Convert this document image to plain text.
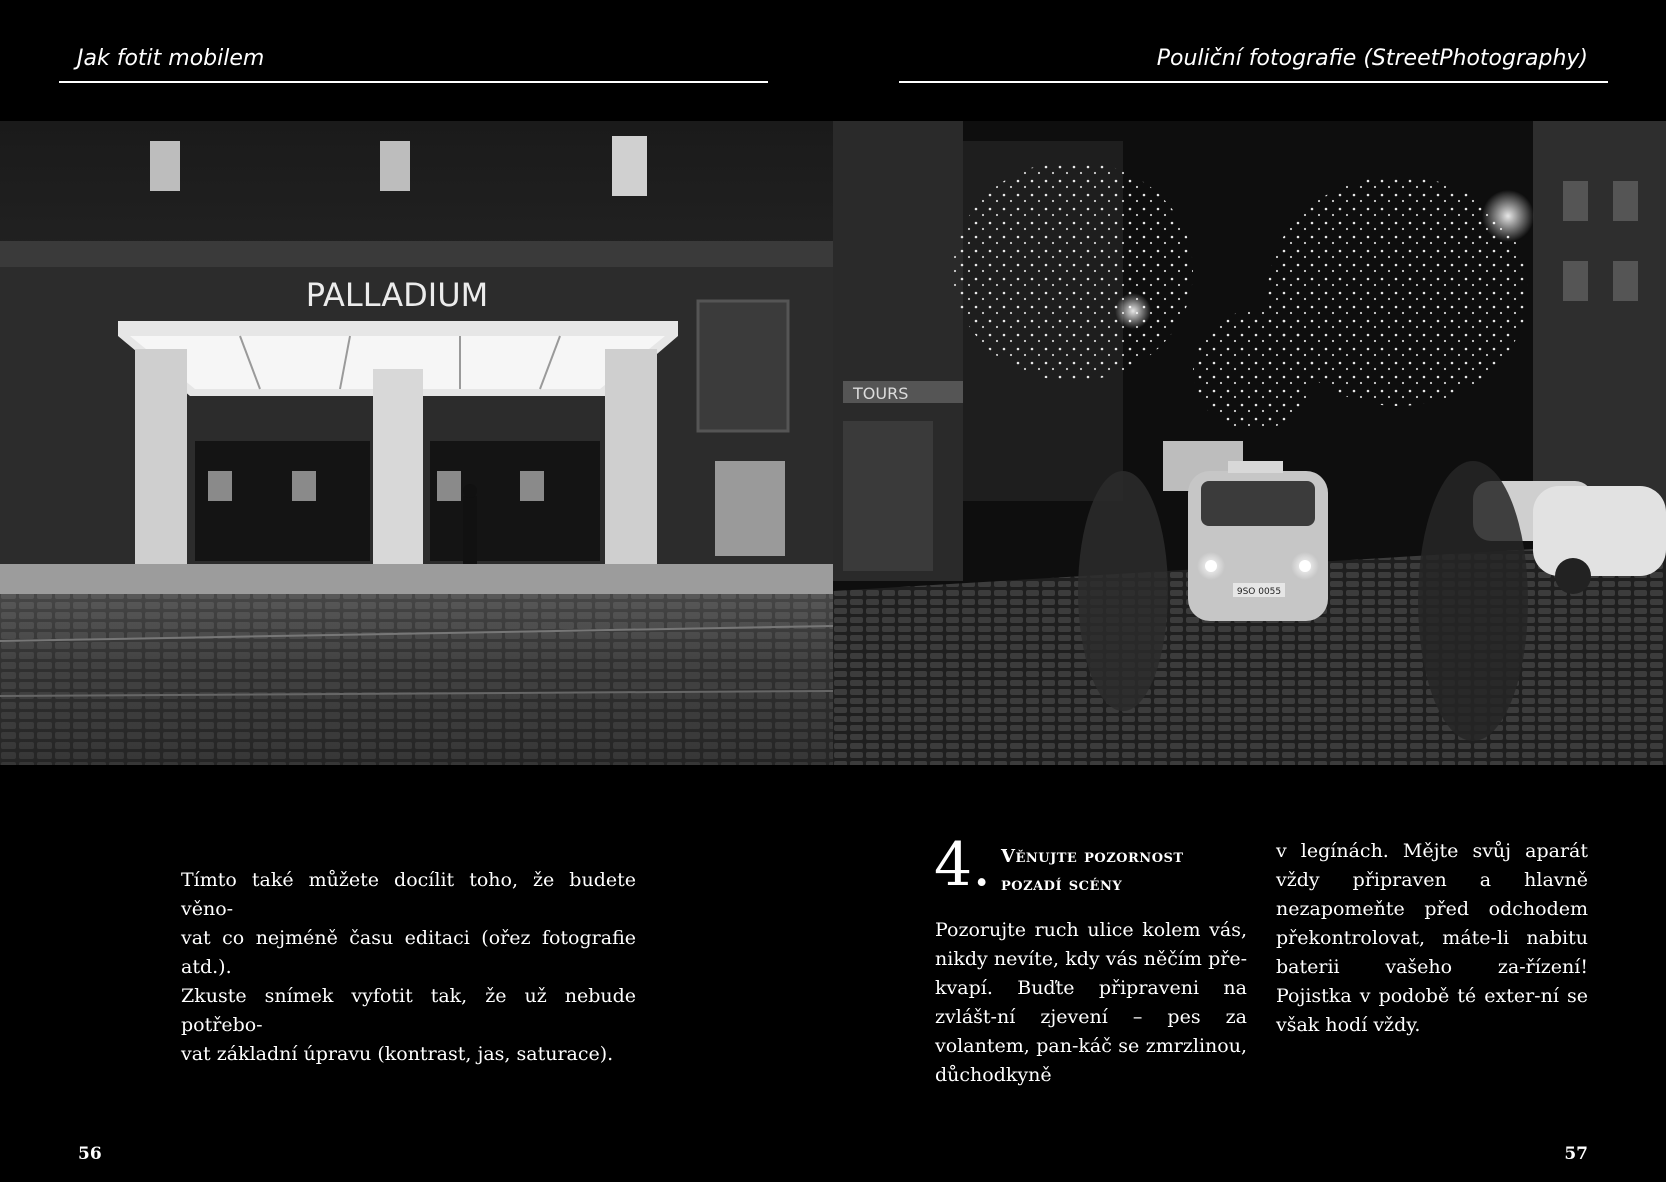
Jak fotit mobilem
PALLADIUM
Tímto také můžete docílit toho, že budete věno-
vat co nejméně času editaci (ořez fotografie atd.).
Zkuste snímek vyfotit tak, že už nebude potřebo-
vat základní úpravu (kontrast, jas, saturace).
56
Pouliční fotografie (StreetPhotography)
TOURS
9SO 0055
4. Věnujte pozornost
pozadí scény
Pozorujte ruch ulice kolem vás, nikdy nevíte, kdy vás něčím pře-kvapí. Buďte připraveni na zvlášt-ní zjevení – pes za volantem, pan-káč se zmrzlinou, důchodkyně
v legínách. Mějte svůj aparát vždy připraven a hlavně nezapomeňte před odchodem překontrolovat, máte-li nabitu baterii vašeho za-řízení! Pojistka v podobě té exter-ní se však hodí vždy.
57
